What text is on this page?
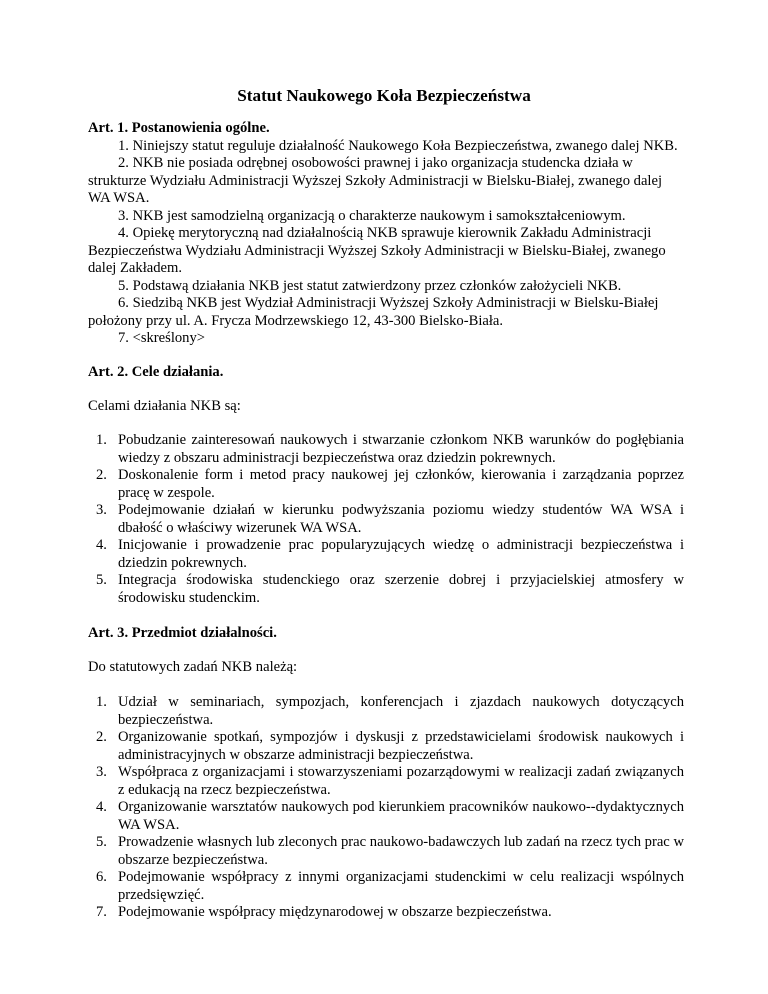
Statut Naukowego Koła Bezpieczeństwa

Art. 1. Postanowienia ogólne.

1. Niniejszy statut reguluje działalność Naukowego Koła Bezpieczeństwa, zwanego dalej NKB.

2. NKB nie posiada odrębnej osobowości prawnej i jako organizacja studencka działa w strukturze Wydziału Administracji Wyższej Szkoły Administracji w Bielsku-Białej, zwanego dalej WA WSA.

3. NKB jest samodzielną organizacją o charakterze naukowym i samokształceniowym.

4. Opiekę merytoryczną nad działalnością NKB sprawuje kierownik Zakładu Administracji Bezpieczeństwa Wydziału Administracji Wyższej Szkoły Administracji w Bielsku-Białej, zwanego dalej Zakładem.

5. Podstawą działania NKB jest statut zatwierdzony przez członków założycieli NKB.

6. Siedzibą NKB jest Wydział Administracji Wyższej Szkoły Administracji w Bielsku-Białej położony przy ul. A. Frycza Modrzewskiego 12, 43-300 Bielsko-Biała.

7. <skreślony>

Art. 2. Cele działania.

Celami działania NKB są:

1. Pobudzanie zainteresowań naukowych i stwarzanie członkom NKB warunków do pogłębiania wiedzy z obszaru administracji bezpieczeństwa oraz dziedzin pokrewnych.
2. Doskonalenie form i metod pracy naukowej jej członków, kierowania i zarządzania poprzez pracę w zespole.
3. Podejmowanie działań w kierunku podwyższania poziomu wiedzy studentów WA WSA i dbałość o właściwy wizerunek WA WSA.
4. Inicjowanie i prowadzenie prac popularyzujących wiedzę o administracji bezpieczeństwa i dziedzin pokrewnych.
5. Integracja środowiska studenckiego oraz szerzenie dobrej i przyjacielskiej atmosfery w środowisku studenckim.

Art. 3. Przedmiot działalności.

Do statutowych zadań NKB należą:

1. Udział w seminariach, sympozjach, konferencjach i zjazdach naukowych dotyczących bezpieczeństwa.
2. Organizowanie spotkań, sympozjów i dyskusji z przedstawicielami środowisk naukowych i administracyjnych w obszarze administracji bezpieczeństwa.
3. Współpraca z organizacjami i stowarzyszeniami pozarządowymi w realizacji zadań związanych z edukacją na rzecz bezpieczeństwa.
4. Organizowanie warsztatów naukowych pod kierunkiem pracowników naukowo--dydaktycznych WA WSA.
5. Prowadzenie własnych lub zleconych prac naukowo-badawczych lub zadań na rzecz tych prac w obszarze bezpieczeństwa.
6. Podejmowanie współpracy z innymi organizacjami studenckimi w celu realizacji wspólnych przedsięwzięć.
7. Podejmowanie współpracy międzynarodowej w obszarze bezpieczeństwa.
